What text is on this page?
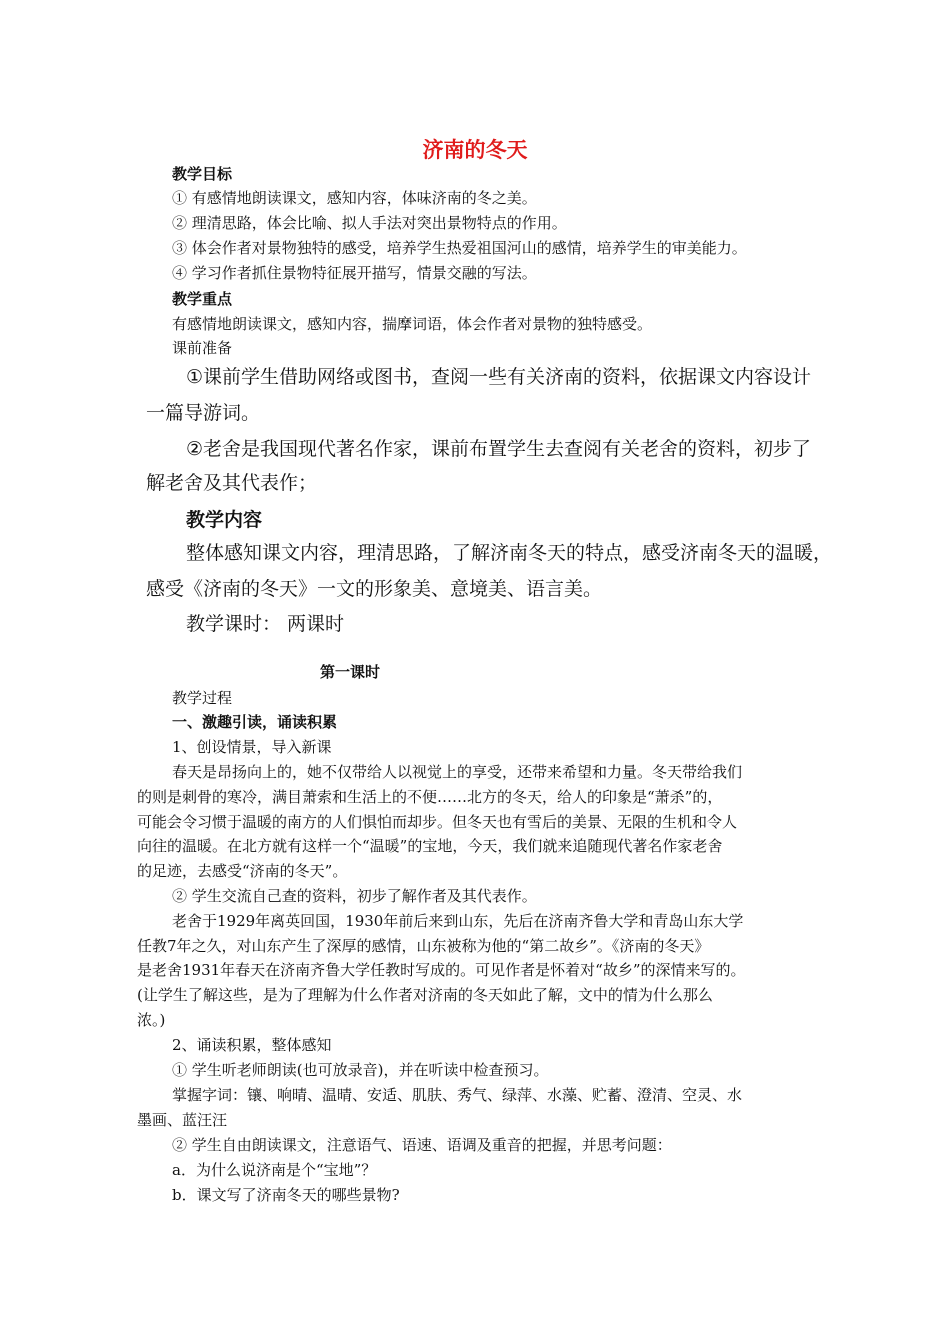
济南的冬天
教学目标
① 有感情地朗读课文，感知内容，体味济南的冬之美。
② 理清思路，体会比喻、拟人手法对突出景物特点的作用。
③ 体会作者对景物独特的感受，培养学生热爱祖国河山的感情，培养学生的审美能力。
④ 学习作者抓住景物特征展开描写，情景交融的写法。
教学重点
有感情地朗读课文，感知内容，揣摩词语，体会作者对景物的独特感受。
课前准备
①课前学生借助网络或图书，查阅一些有关济南的资料，依据课文内容设计
一篇导游词。
②老舍是我国现代著名作家，课前布置学生去查阅有关老舍的资料，初步了
解老舍及其代表作；
教学内容
整体感知课文内容，理清思路，了解济南冬天的特点，感受济南冬天的温暖，
感受《济南的冬天》一文的形象美、意境美、语言美。
教学课时： 两课时
第一课时
教学过程
一、激趣引读，诵读积累
1、创设情景，导入新课
春天是昂扬向上的，她不仅带给人以视觉上的享受，还带来希望和力量。冬天带给我们
的则是刺骨的寒冷，满目萧索和生活上的不便……北方的冬天，给人的印象是“萧杀”的，
可能会令习惯于温暖的南方的人们惧怕而却步。但冬天也有雪后的美景、无限的生机和令人
向往的温暖。在北方就有这样一个“温暖”的宝地，今天，我们就来追随现代著名作家老舍
的足迹，去感受“济南的冬天”。
② 学生交流自己查的资料，初步了解作者及其代表作。
老舍于1929年离英回国，1930年前后来到山东，先后在济南齐鲁大学和青岛山东大学
任教7年之久，对山东产生了深厚的感情，山东被称为他的“第二故乡”。《济南的冬天》
是老舍1931年春天在济南齐鲁大学任教时写成的。可见作者是怀着对“故乡”的深情来写的。
(让学生了解这些，是为了理解为什么作者对济南的冬天如此了解，文中的情为什么那么
浓。)
2、诵读积累，整体感知
① 学生听老师朗读(也可放录音)，并在听读中检查预习。
掌握字词：镶、响晴、温晴、安适、肌肤、秀气、绿萍、水藻、贮蓄、澄清、空灵、水
墨画、蓝汪汪
② 学生自由朗读课文，注意语气、语速、语调及重音的把握，并思考问题：
a．为什么说济南是个“宝地”？
b．课文写了济南冬天的哪些景物?
